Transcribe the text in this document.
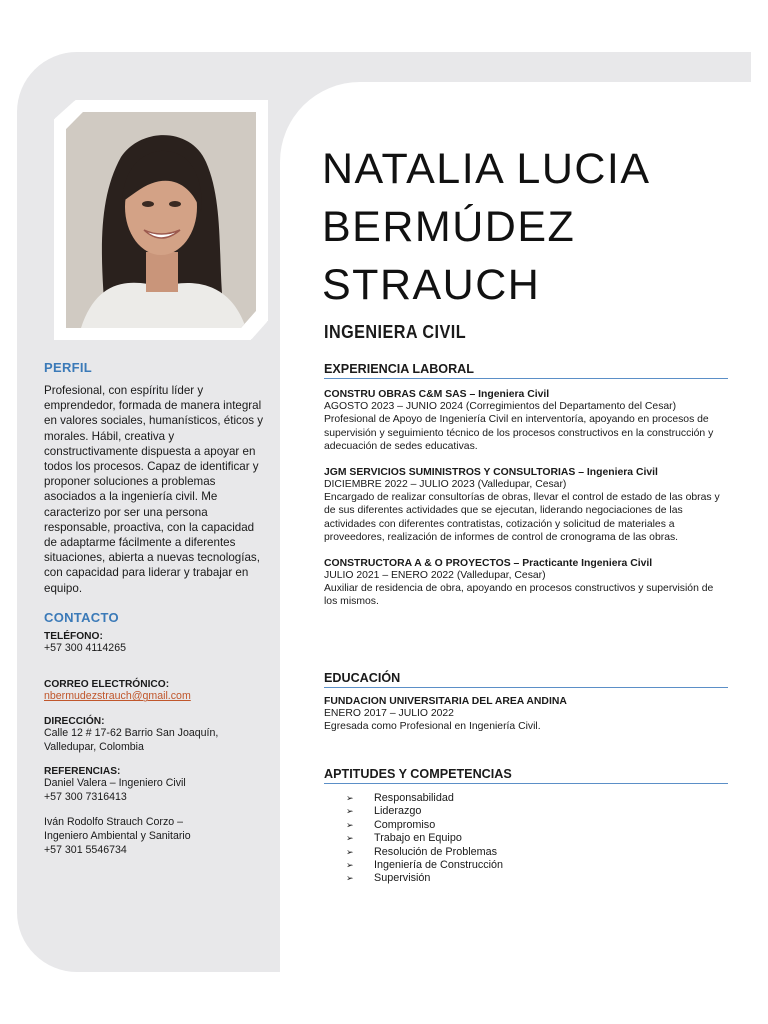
PERFIL

Profesional, con espíritu líder y emprendedor, formada de manera integral en valores sociales, humanísticos, éticos y morales. Hábil, creativa y constructivamente dispuesta a apoyar en todos los procesos. Capaz de identificar y proponer soluciones a problemas asociados a la ingeniería civil. Me caracterizo por ser una persona responsable, proactiva, con la capacidad de adaptarme fácilmente a diferentes situaciones, abierta a nuevas tecnologías, con capacidad para liderar y trabajar en equipo.

CONTACTO

TELÉFONO:

+57 300 4114265

CORREO ELECTRÓNICO:

nbermudezstrauch@gmail.com

DIRECCIÓN:

Calle 12 # 17-62 Barrio San Joaquín,

Valledupar, Colombia

REFERENCIAS:

Daniel Valera – Ingeniero Civil

+57 300 7316413

Iván Rodolfo Strauch Corzo –

Ingeniero Ambiental y Sanitario

+57 301 5546734

NATALIA LUCIA
BERMÚDEZ
STRAUCH
INGENIERA CIVIL
EXPERIENCIA LABORAL

CONSTRU OBRAS C&M SAS – Ingeniera Civil

AGOSTO 2023 – JUNIO 2024 (Corregimientos del Departamento del Cesar)

Profesional de Apoyo de Ingeniería Civil en interventoría, apoyando en procesos de supervisión y seguimiento técnico de los procesos constructivos en la construcción y adecuación de sedes educativas.

JGM SERVICIOS SUMINISTROS Y CONSULTORIAS – Ingeniera Civil

DICIEMBRE 2022 – JULIO 2023 (Valledupar, Cesar)

Encargado de realizar consultorías de obras, llevar el control de estado de las obras y de sus diferentes actividades que se ejecutan, liderando negociaciones de las actividades con diferentes contratistas, cotización y solicitud de materiales a proveedores, realización de informes de control de cronograma de las obras.

CONSTRUCTORA A & O PROYECTOS – Practicante Ingeniera Civil

JULIO 2021 – ENERO 2022 (Valledupar, Cesar)

Auxiliar de residencia de obra, apoyando en procesos constructivos y supervisión de los mismos.

EDUCACIÓN

FUNDACION UNIVERSITARIA DEL AREA ANDINA

ENERO 2017 – JULIO 2022

Egresada como Profesional en Ingeniería Civil.

APTITUDES Y COMPETENCIAS
➢ Responsabilidad
➢ Liderazgo
➢ Compromiso
➢ Trabajo en Equipo
➢ Resolución de Problemas
➢ Ingeniería de Construcción
➢ Supervisión
